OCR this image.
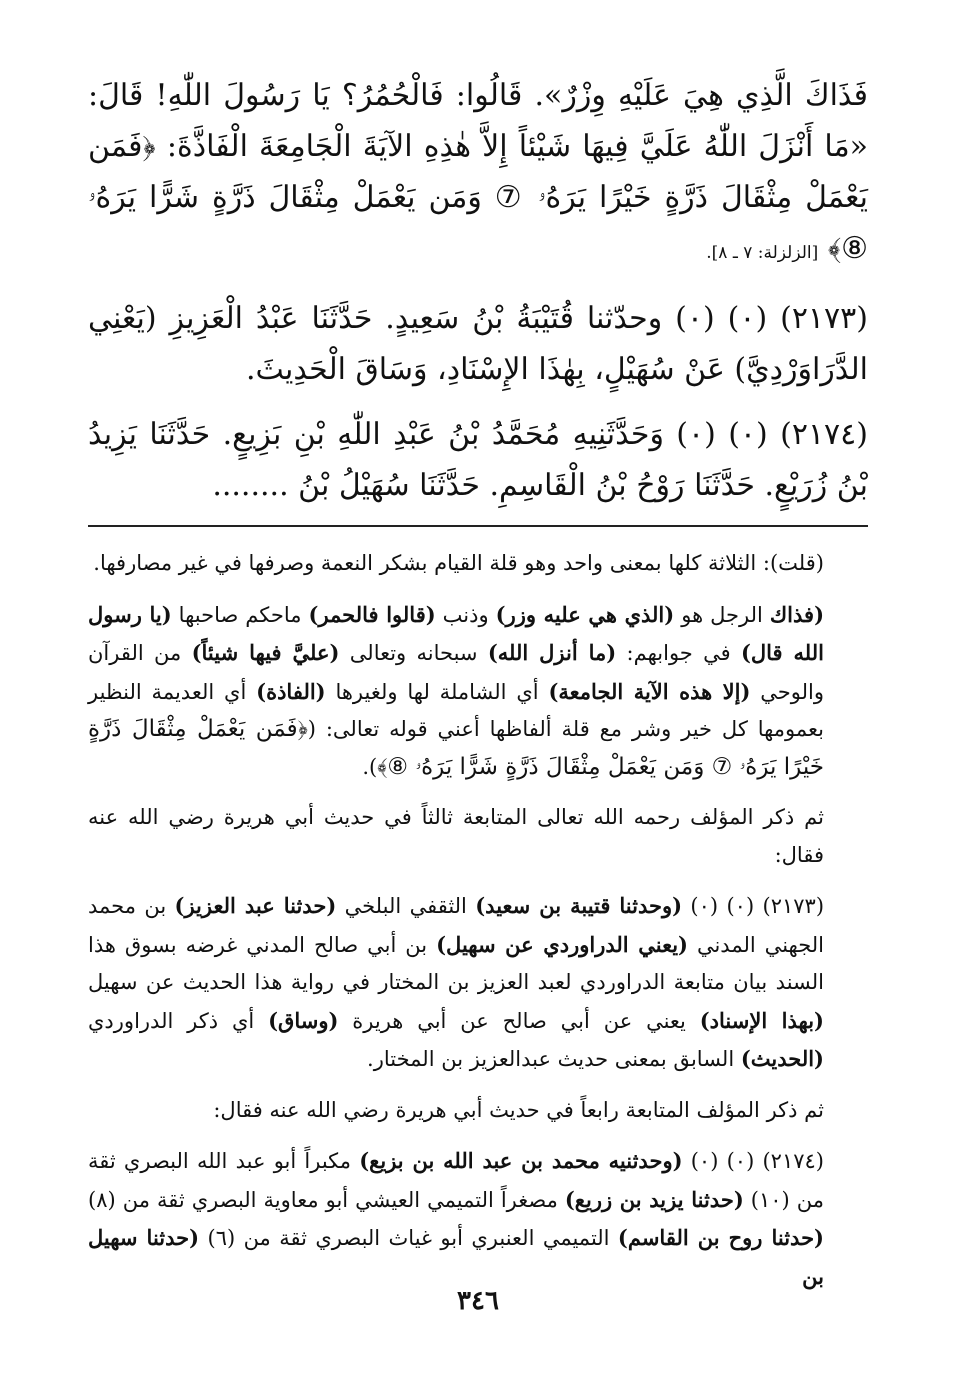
فَذَاكَ الَّذِي هِيَ عَلَيْهِ وِزْرٌ». قَالُوا: فَالْحُمُرُ؟ يَا رَسُولَ اللّٰهِ! قَالَ: «مَا أَنْزَلَ اللّٰهُ عَلَيَّ فِيهَا شَيْئاً إِلاَّ هٰذِهِ الآيَةَ الْجَامِعَةَ الْفَاذَّةَ: ﴿فَمَن يَعْمَلْ مِثْقَالَ ذَرَّةٍ خَيْرًا يَرَهُۥ ⑦ وَمَن يَعْمَلْ مِثْقَالَ ذَرَّةٍ شَرًّا يَرَهُۥ ⑧﴾ [الزلزلة: ٧ ـ ٨].

(٢١٧٣) (٠) (٠) وحدّثنا قُتَيْبَةُ بْنُ سَعِيدٍ. حَدَّثَنَا عَبْدُ الْعَزِيزِ (يَعْنِي الدَّرَاوَرْدِيَّ) عَنْ سُهَيْلٍ، بِهٰذَا الإِسْنَادِ، وَسَاقَ الْحَدِيثَ.

(٢١٧٤) (٠) (٠) وَحَدَّثَنِيهِ مُحَمَّدُ بْنُ عَبْدِ اللّٰهِ بْنِ بَزِيعٍ. حَدَّثَنَا يَزِيدُ بْنُ زُرَيْعٍ. حَدَّثَنَا رَوْحُ بْنُ الْقَاسِمِ. حَدَّثَنَا سُهَيْلُ بْنُ ........

(قلت): الثلاثة كلها بمعنى واحد وهو قلة القيام بشكر النعمة وصرفها في غير مصارفها.

(فذاك الرجل هو (الذي هي عليه وزر) وذنب (قالوا فالحمر) ماحكم صاحبها (يا رسول الله قال) في جوابهم: (ما أنزل الله) سبحانه وتعالى (عليَّ فيها شيئاً) من القرآن والوحي (إلا هذه الآية الجامعة) أي الشاملة لها ولغيرها (الفاذة) أي العديمة النظير بعمومها كل خير وشر مع قلة ألفاظها أعني قوله تعالى: (﴿فَمَن يَعْمَلْ مِثْقَالَ ذَرَّةٍ خَيْرًا يَرَهُۥ ⑦ وَمَن يَعْمَلْ مِثْقَالَ ذَرَّةٍ شَرًّا يَرَهُۥ ⑧﴾).

ثم ذكر المؤلف رحمه الله تعالى المتابعة ثالثاً في حديث أبي هريرة رضي الله عنه فقال:

(٢١٧٣) (٠) (٠) (وحدثنا قتيبة بن سعيد) الثقفي البلخي (حدثنا عبد العزيز) بن محمد الجهني المدني (يعني الدراوردي عن سهيل) بن أبي صالح المدني غرضه بسوق هذا السند بيان متابعة الدراوردي لعبد العزيز بن المختار في رواية هذا الحديث عن سهيل (بهذا الإسناد) يعني عن أبي صالح عن أبي هريرة (وساق) أي ذكر الدراوردي (الحديث) السابق بمعنى حديث عبدالعزيز بن المختار.

ثم ذكر المؤلف المتابعة رابعاً في حديث أبي هريرة رضي الله عنه فقال:

(٢١٧٤) (٠) (٠) (وحدثنيه محمد بن عبد الله بن بزيع) مكبراً أبو عبد الله البصري ثقة من (١٠) (حدثنا يزيد بن زريع) مصغراً التميمي العيشي أبو معاوية البصري ثقة من (٨) (حدثنا روح بن القاسم) التميمي العنبري أبو غياث البصري ثقة من (٦) (حدثنا سهيل بن

٣٤٦
